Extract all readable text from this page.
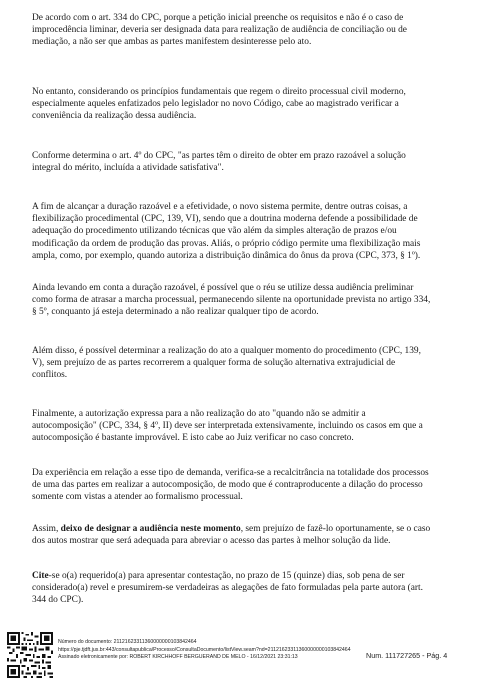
De acordo com o art. 334 do CPC, porque a petição inicial preenche os requisitos e não é o caso de
improcedência liminar, deveria ser designada data para realização de audiência de conciliação ou de
mediação, a não ser que ambas as partes manifestem desinteresse pelo ato.
No entanto, considerando os princípios fundamentais que regem o direito processual civil moderno,
especialmente aqueles enfatizados pelo legislador no novo Código, cabe ao magistrado verificar a
conveniência da realização dessa audiência.
Conforme determina o art. 4º do CPC, "as partes têm o direito de obter em prazo razoável a solução
integral do mérito, incluída a atividade satisfativa".
A fim de alcançar a duração razoável e a efetividade, o novo sistema permite, dentre outras coisas, a
flexibilização procedimental (CPC, 139, VI), sendo que a doutrina moderna defende a possibilidade de
adequação do procedimento utilizando técnicas que vão além da simples alteração de prazos e/ou
modificação da ordem de produção das provas. Aliás, o próprio código permite uma flexibilização mais
ampla, como, por exemplo, quando autoriza a distribuição dinâmica do ônus da prova (CPC, 373, § 1º).
Ainda levando em conta a duração razoável, é possível que o réu se utilize dessa audiência preliminar
como forma de atrasar a marcha processual, permanecendo silente na oportunidade prevista no artigo 334,
§ 5º, conquanto já esteja determinado a não realizar qualquer tipo de acordo.
Além disso, é possível determinar a realização do ato a qualquer momento do procedimento (CPC, 139,
V), sem prejuízo de as partes recorrerem a qualquer forma de solução alternativa extrajudicial de
conflitos.
Finalmente, a autorização expressa para a não realização do ato "quando não se admitir a
autocomposição" (CPC, 334, § 4º, II) deve ser interpretada extensivamente, incluindo os casos em que a
autocomposição é bastante improvável. E isto cabe ao Juiz verificar no caso concreto.
Da experiência em relação a esse tipo de demanda, verifica-se a recalcitrância na totalidade dos processos
de uma das partes em realizar a autocomposição, de modo que é contraproducente a dilação do processo
somente com vistas a atender ao formalismo processual.
Assim, deixo de designar a audiência neste momento, sem prejuízo de fazê-lo oportunamente, se o caso
dos autos mostrar que será adequada para abreviar o acesso das partes à melhor solução da lide.
Cite-se o(a) requerido(a) para apresentar contestação, no prazo de 15 (quinze) dias, sob pena de ser
considerado(a) revel e presumirem-se verdadeiras as alegações de fato formuladas pela parte autora (art.
344 do CPC).
Número do documento: 21121623311360000000103842464
https://pje.tjdft.jus.br:443/consultapublica/Processo/ConsultaDocumento/listView.seam?nd=21121623311360000000103842464
Assinado eletronicamente por: ROBERT KIRCHHOFF BERGUERAND DE MELO - 16/12/2021 23:31:13	Num. 111727265 - Pág. 4
